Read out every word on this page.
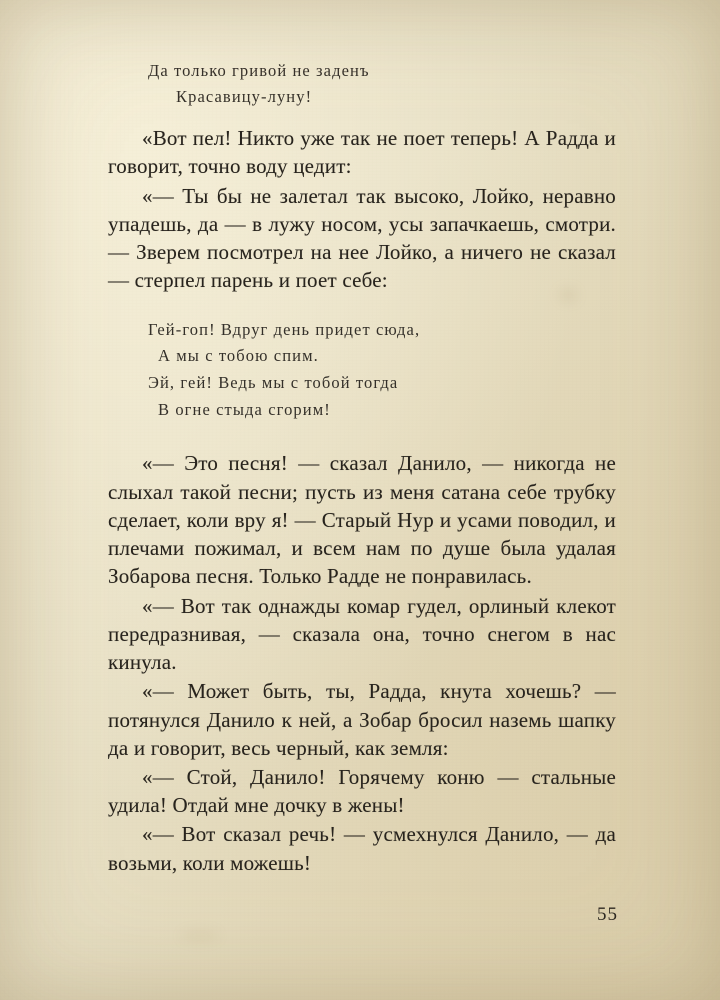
Да только гривой не заденъ
Красавицу-луну!

«Вот пел! Никто уже так не поет теперь! А Радда и говорит, точно воду цедит:

«— Ты бы не залетал так высоко, Лойко, неравно упадешь, да — в лужу носом, усы запачкаешь, смотри. — Зверем посмотрел на нее Лойко, а ничего не сказал — стерпел парень и поет себе:

Гей-гоп! Вдруг день придет сюда,
А мы с тобою спим.
Эй, гей! Ведь мы с тобой тогда
В огне стыда сгорим!

«— Это песня! — сказал Данило, — никогда не слыхал такой песни; пусть из меня сатана себе трубку сделает, коли вру я! — Старый Нур и усами поводил, и плечами пожимал, и всем нам по душе была удалая Зобарова песня. Только Радде не понравилась.

«— Вот так однажды комар гудел, орлиный клекот передразнивая, — сказала она, точно снегом в нас кинула.

«— Может быть, ты, Радда, кнута хочешь? — потянулся Данило к ней, а Зобар бросил наземь шапку да и говорит, весь черный, как земля:

«— Стой, Данило! Горячему коню — стальные удила! Отдай мне дочку в жены!

«— Вот сказал речь! — усмехнулся Данило, — да возьми, коли можешь!

55
